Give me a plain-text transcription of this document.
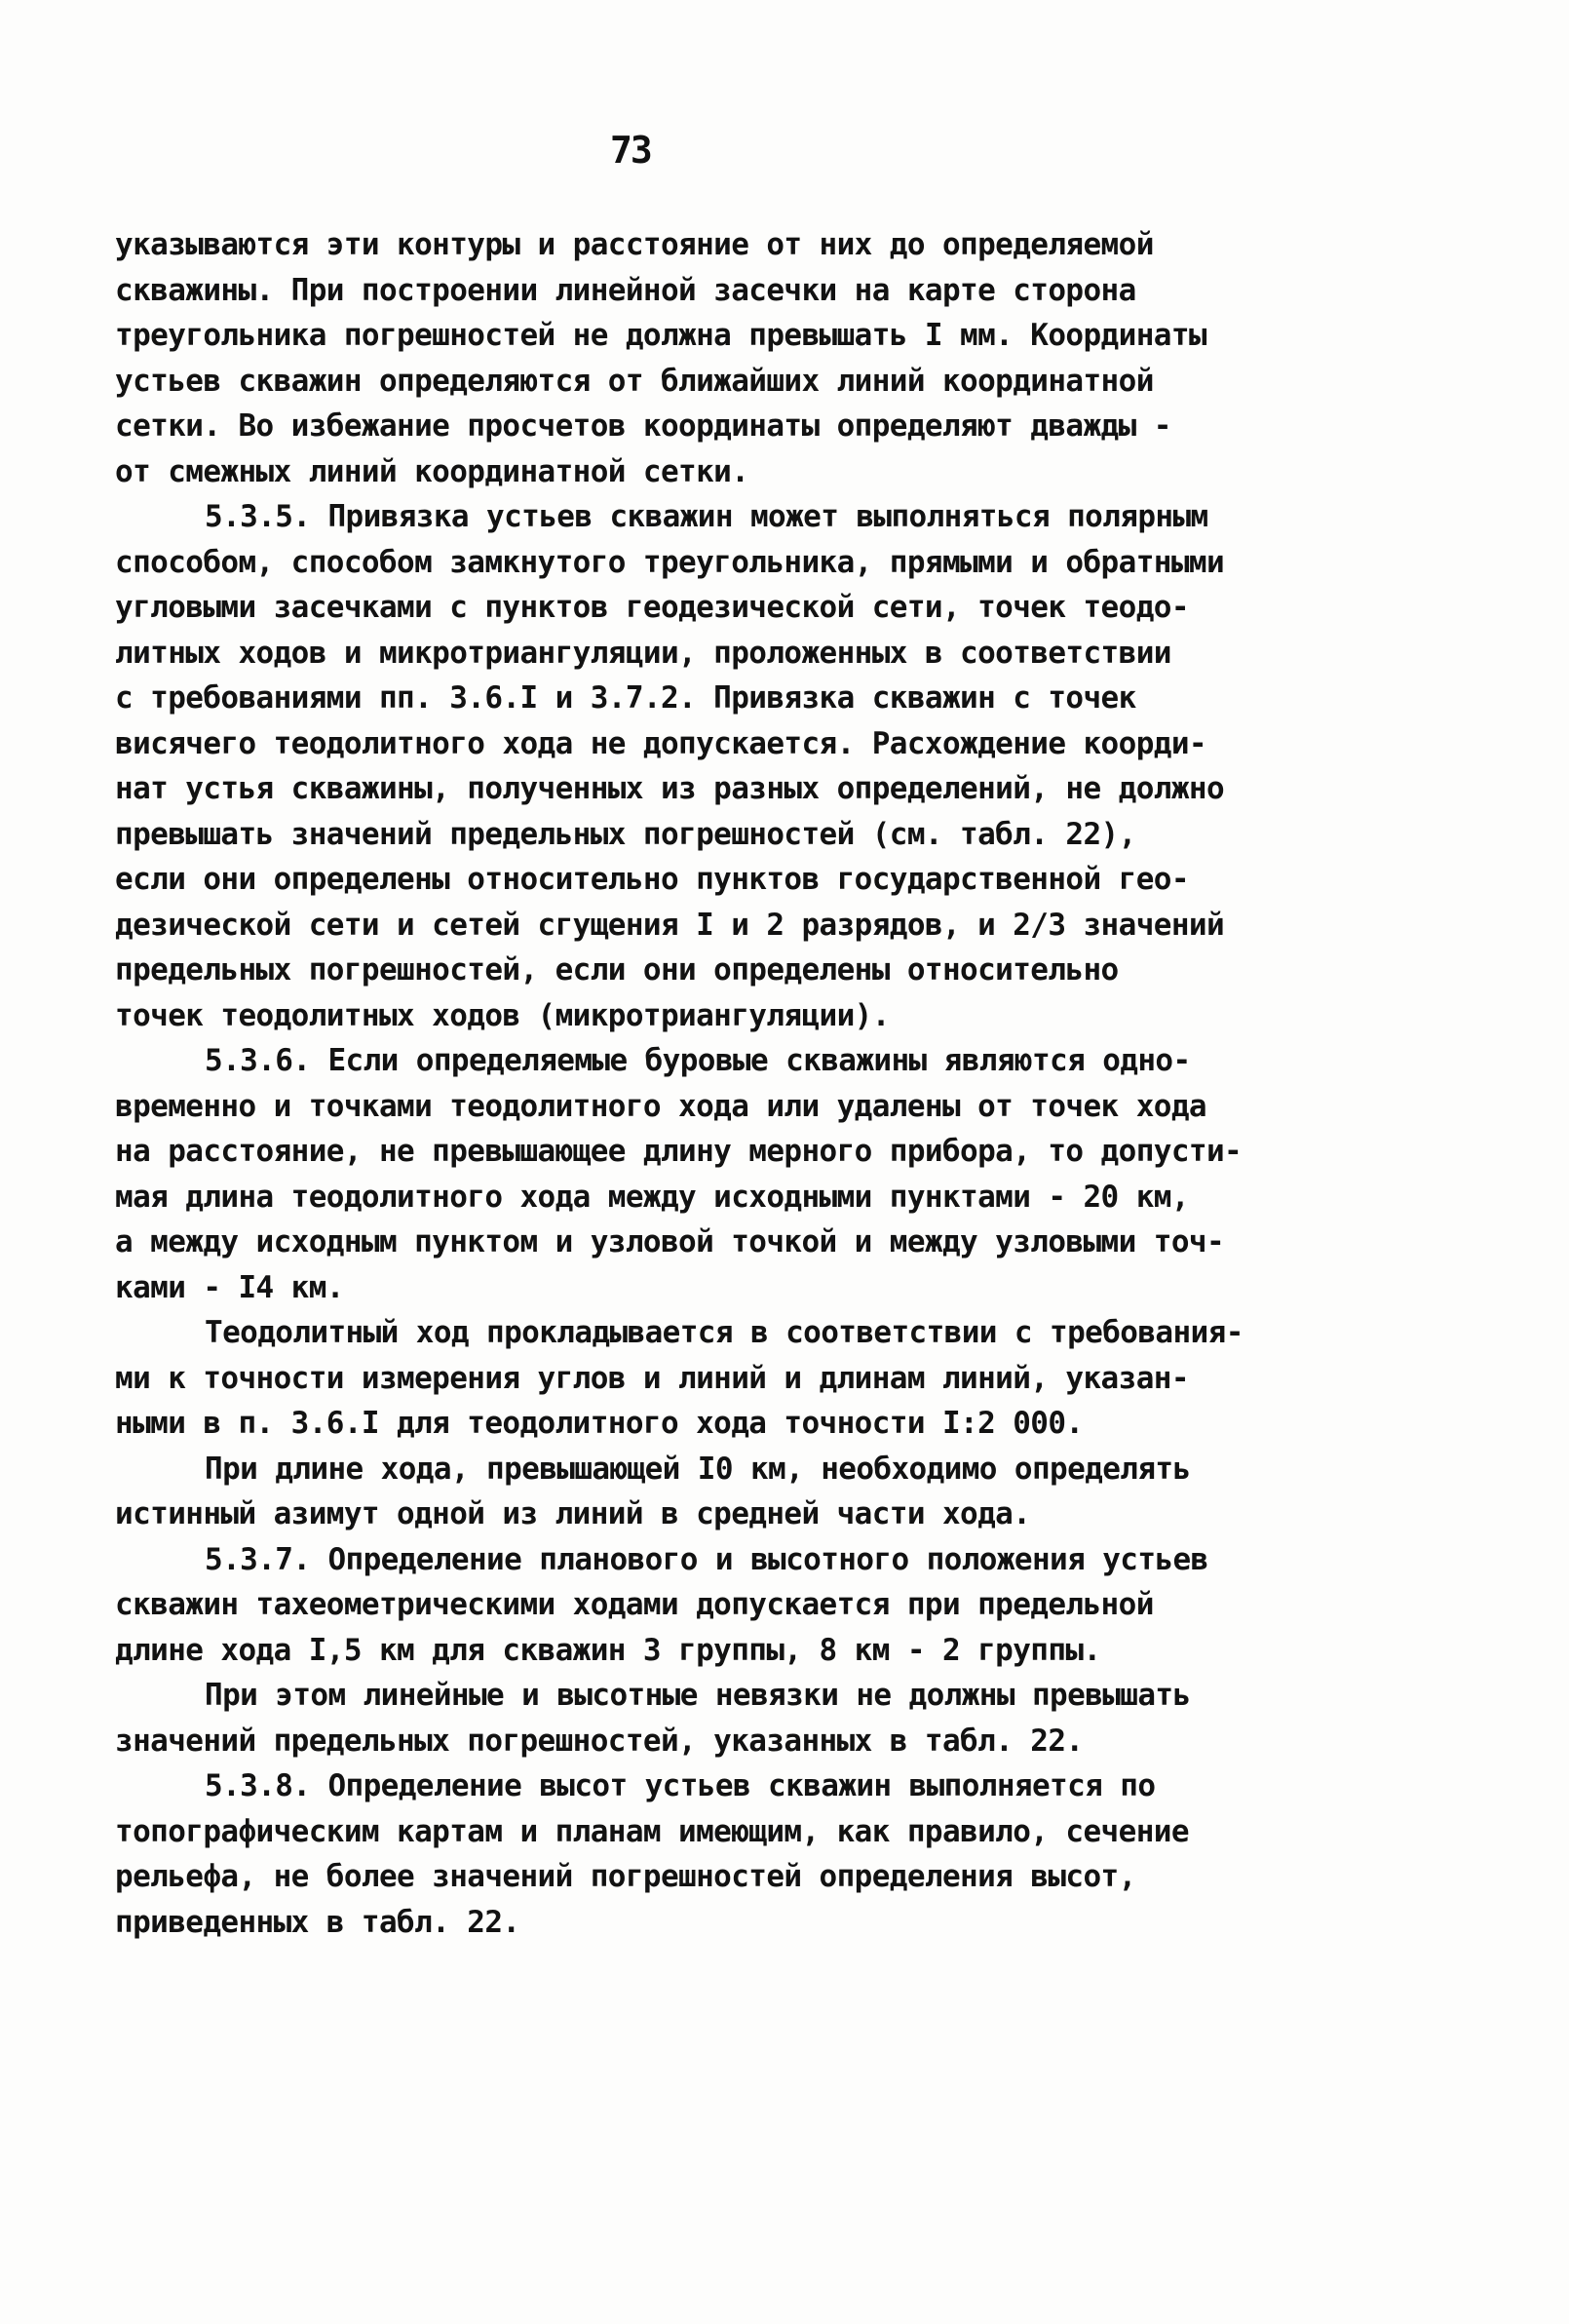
73
указываются эти контуры и расстояние от них до определяемой
скважины. При построении линейной засечки на карте сторона
треугольника погрешностей не должна превышать I мм. Координаты
устьев скважин определяются от ближайших линий координатной
сетки. Во избежание просчетов координаты определяют дважды -
от смежных линий координатной сетки.
5.3.5. Привязка устьев скважин может выполняться полярным
способом, способом замкнутого треугольника, прямыми и обратными
угловыми засечками с пунктов геодезической сети, точек теодо-
литных ходов и микротриангуляции, проложенных в соответствии
с требованиями пп. 3.6.I и 3.7.2. Привязка скважин с точек
висячего теодолитного хода не допускается. Расхождение коорди-
нат устья скважины, полученных из разных определений, не должно
превышать значений предельных погрешностей (см. табл. 22),
если они определены относительно пунктов государственной гео-
дезической сети и сетей сгущения I и 2 разрядов, и 2/3 значений
предельных погрешностей, если они определены относительно
точек теодолитных ходов (микротриангуляции).
5.3.6. Если определяемые буровые скважины являются одно-
временно и точками теодолитного хода или удалены от точек хода
на расстояние, не превышающее длину мерного прибора, то допусти-
мая длина теодолитного хода между исходными пунктами - 20 км,
а между исходным пунктом и узловой точкой и между узловыми точ-
ками - I4 км.
Теодолитный ход прокладывается в соответствии с требования-
ми к точности измерения углов и линий и длинам линий, указан-
ными в п. 3.6.I для теодолитного хода точности I:2 000.
При длине хода, превышающей I0 км, необходимо определять
истинный азимут одной из линий в средней части хода.
5.3.7. Определение планового и высотного положения устьев
скважин тахеометрическими ходами допускается при предельной
длине хода I,5 км для скважин 3 группы, 8 км - 2 группы.
При этом линейные и высотные невязки не должны превышать
значений предельных погрешностей, указанных в табл. 22.
5.3.8. Определение высот устьев скважин выполняется по
топографическим картам и планам имеющим, как правило, сечение
рельефа, не более значений погрешностей определения высот,
приведенных в табл. 22.
